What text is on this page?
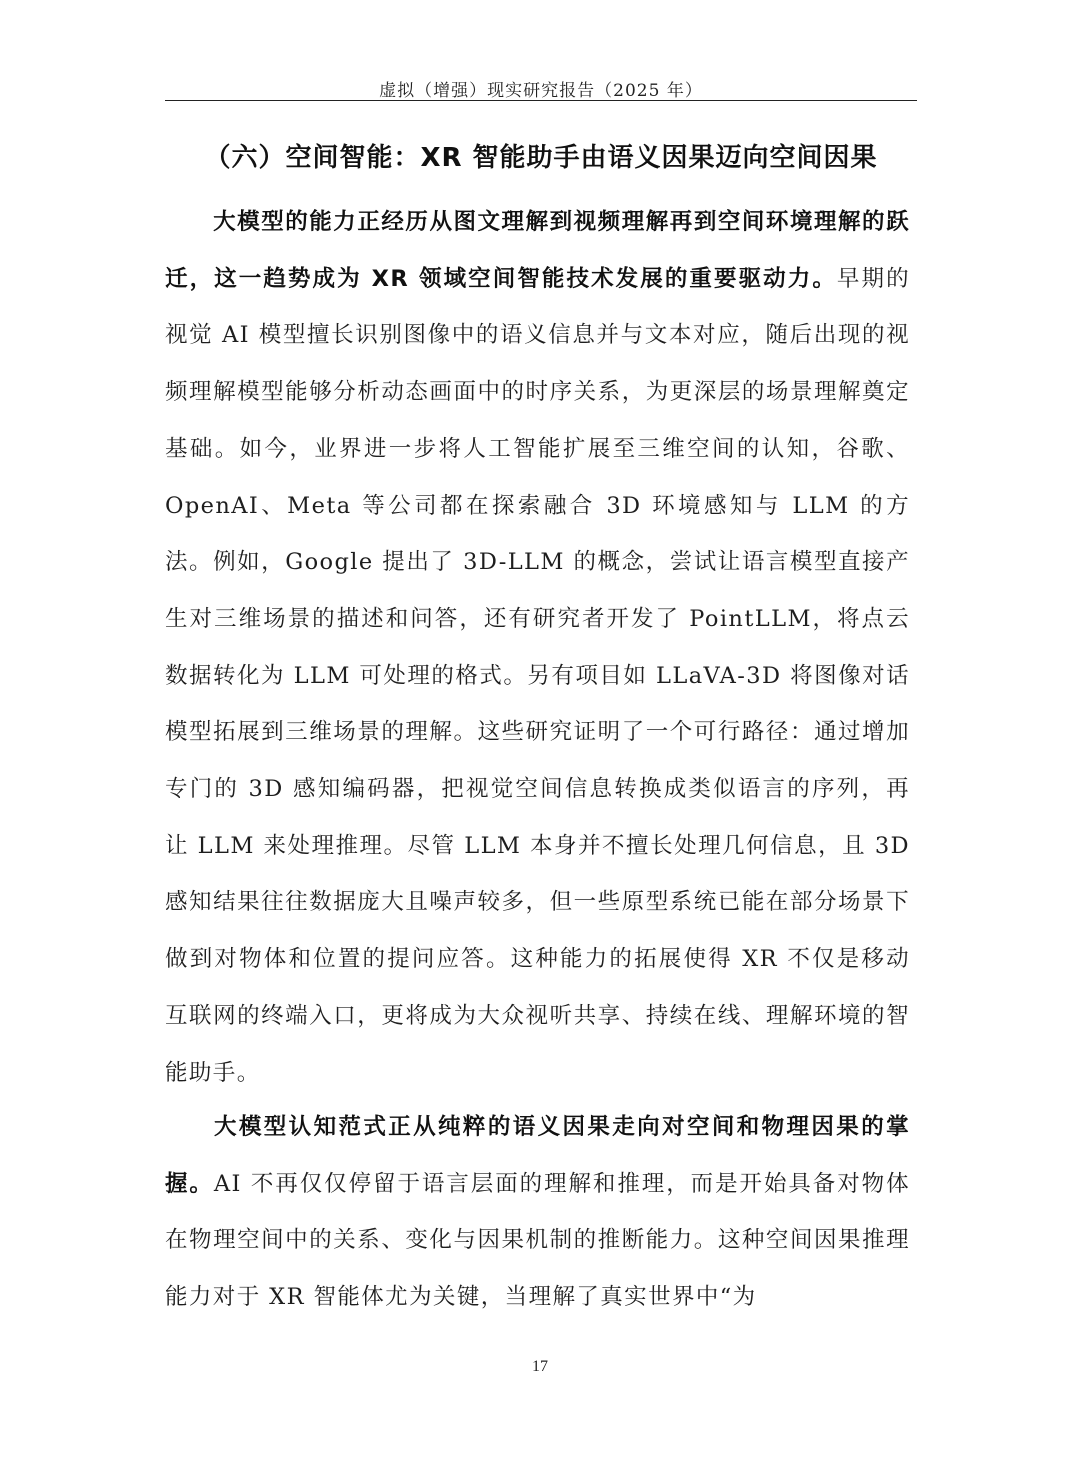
虚拟（增强）现实研究报告（2025 年）
（六）空间智能：XR 智能助手由语义因果迈向空间因果
大模型的能力正经历从图文理解到视频理解再到空间环境理解的跃迁，这一趋势成为 XR 领域空间智能技术发展的重要驱动力。早期的视觉 AI 模型擅长识别图像中的语义信息并与文本对应，随后出现的视频理解模型能够分析动态画面中的时序关系，为更深层的场景理解奠定基础。如今，业界进一步将人工智能扩展至三维空间的认知，谷歌、OpenAI、Meta 等公司都在探索融合 3D 环境感知与 LLM 的方法。例如，Google 提出了 3D-LLM 的概念，尝试让语言模型直接产生对三维场景的描述和问答，还有研究者开发了 PointLLM，将点云数据转化为 LLM 可处理的格式。另有项目如 LLaVA-3D 将图像对话模型拓展到三维场景的理解。这些研究证明了一个可行路径：通过增加专门的 3D 感知编码器，把视觉空间信息转换成类似语言的序列，再让 LLM 来处理推理。尽管 LLM 本身并不擅长处理几何信息，且 3D 感知结果往往数据庞大且噪声较多，但一些原型系统已能在部分场景下做到对物体和位置的提问应答。这种能力的拓展使得 XR 不仅是移动互联网的终端入口，更将成为大众视听共享、持续在线、理解环境的智能助手。
大模型认知范式正从纯粹的语义因果走向对空间和物理因果的掌握。AI 不再仅仅停留于语言层面的理解和推理，而是开始具备对物体在物理空间中的关系、变化与因果机制的推断能力。这种空间因果推理能力对于 XR 智能体尤为关键，当理解了真实世界中“为
17
